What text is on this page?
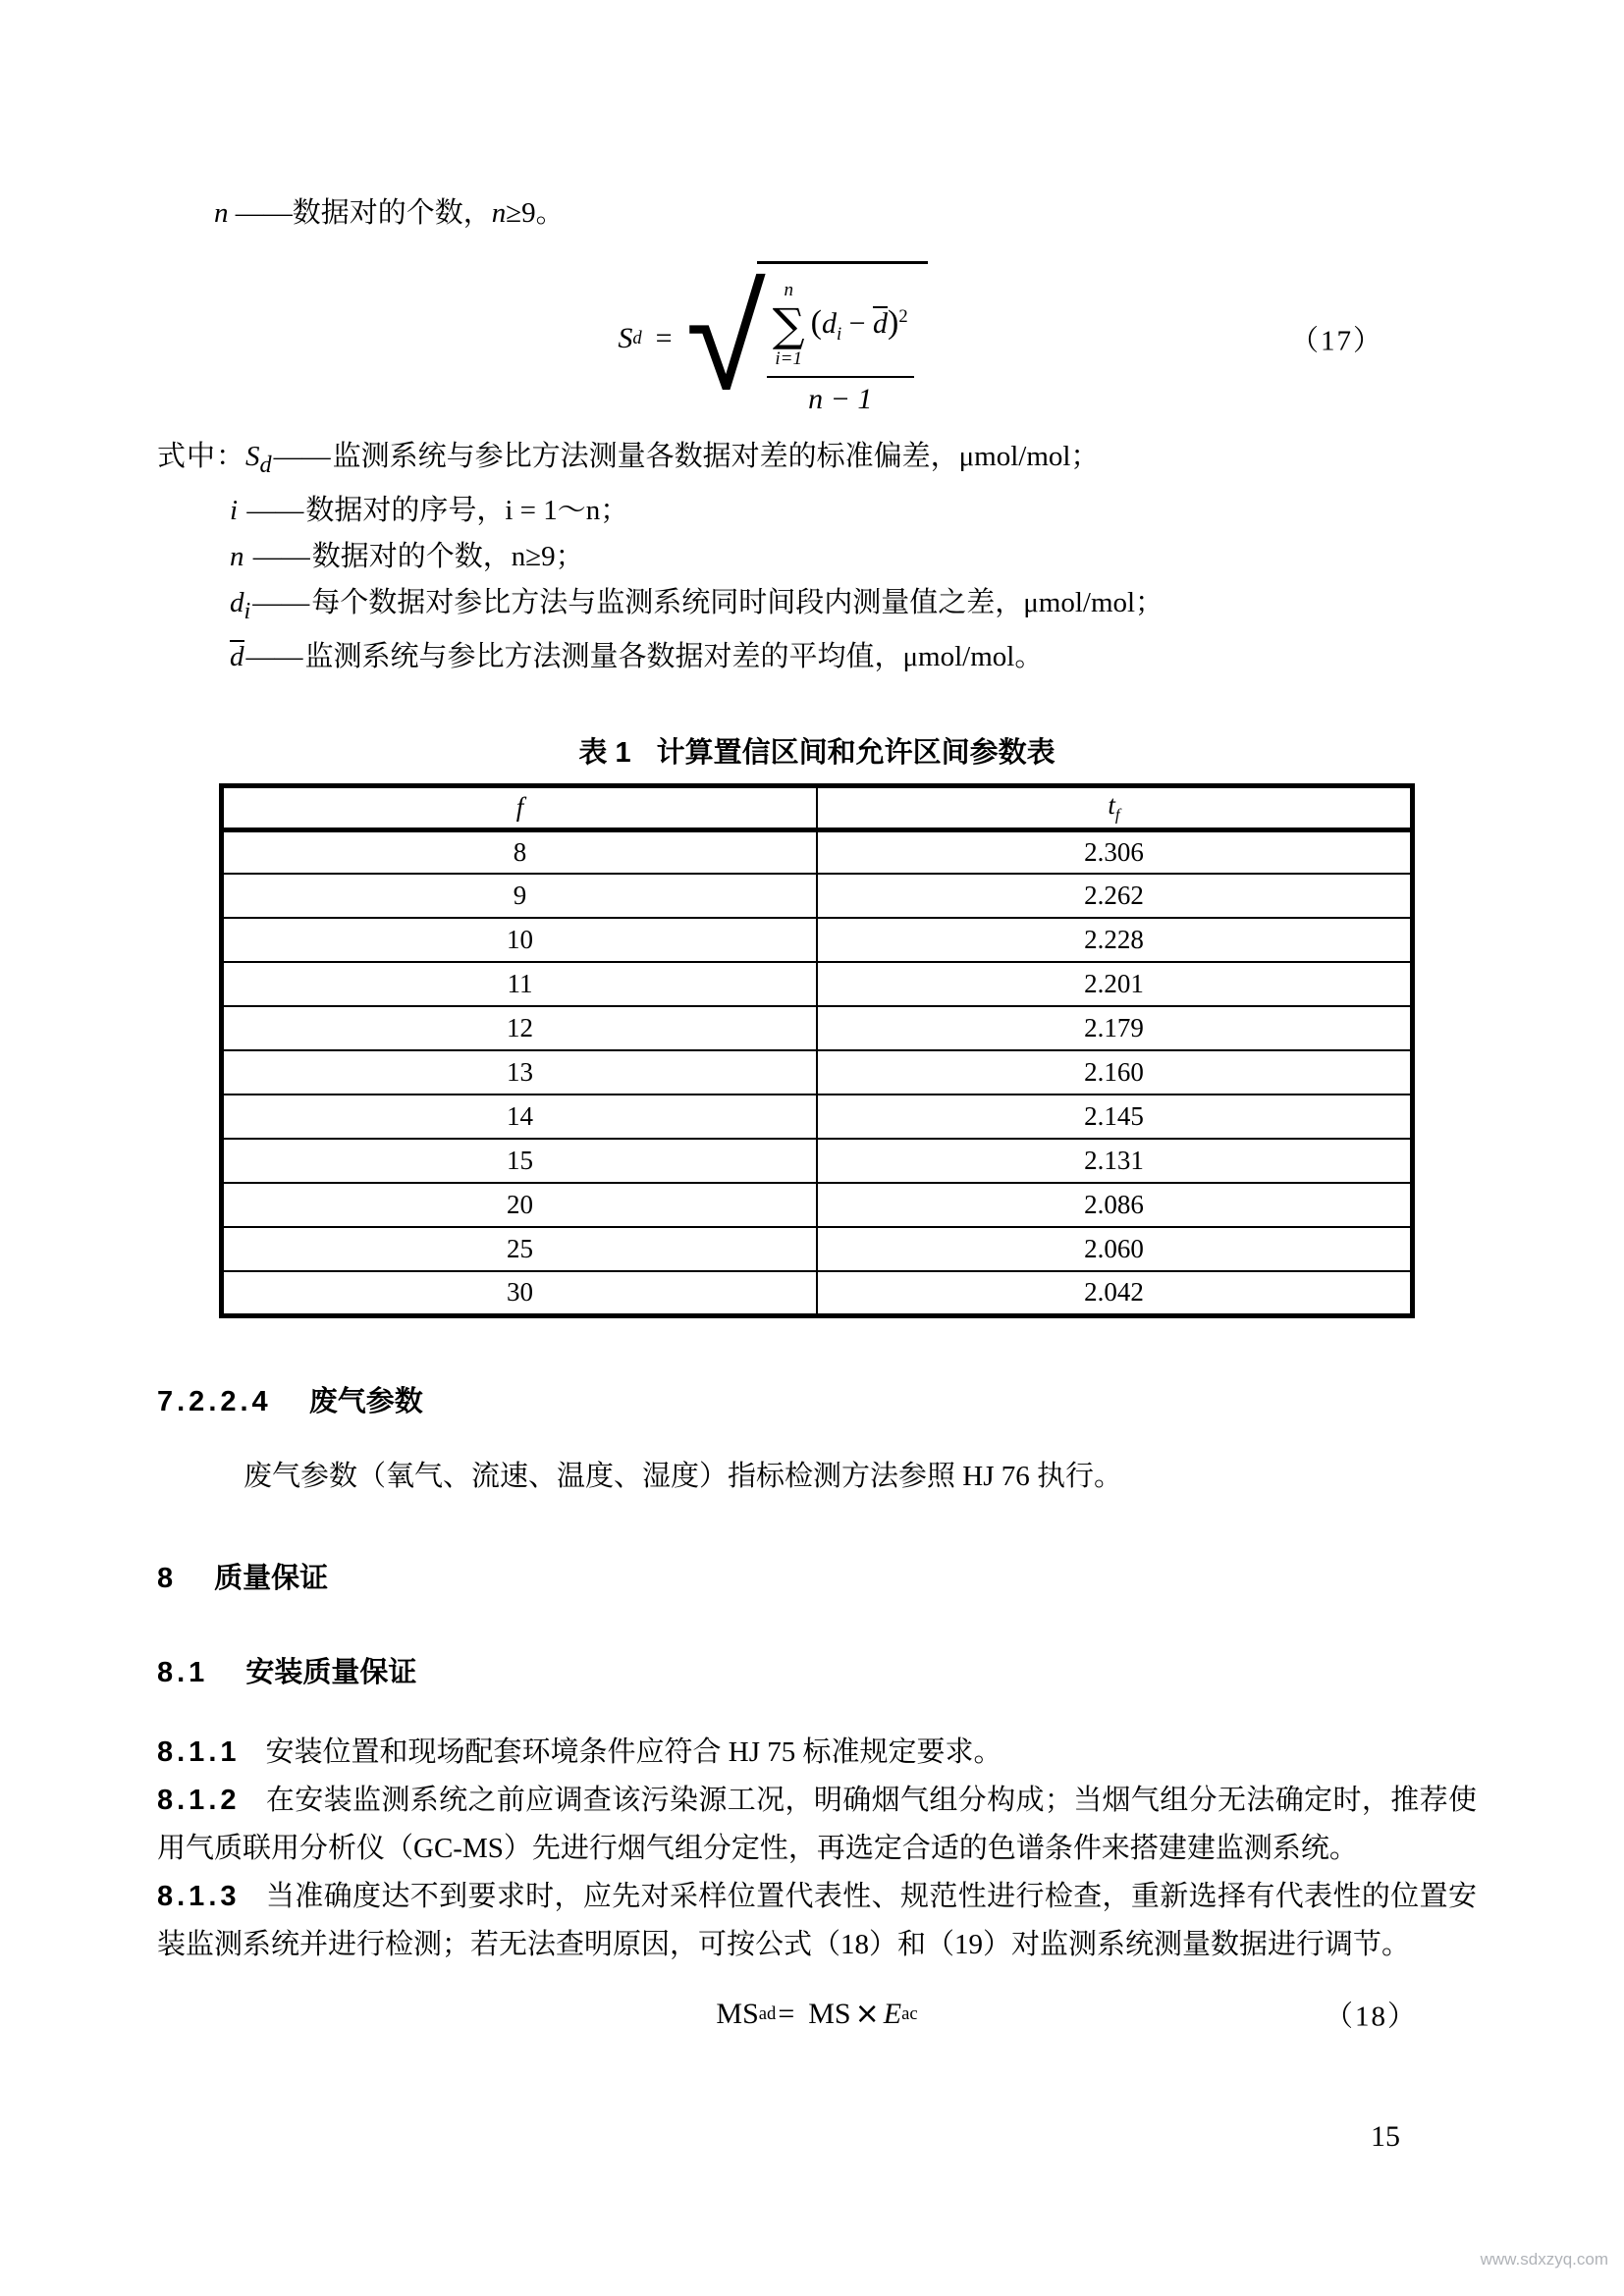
n ——数据对的个数，n≥9。
S d = √ n
∑
i=1
$(d_i - d)^2$
n − 1
（17）
式中：$S_d——$监测系统与参比方法测量各数据对差的标准偏差，μmol/mol；
i ——数据对的序号，i = 1～n；
n ——数据对的个数，n≥9；
$d_i——$每个数据对参比方法与监测系统同时间段内测量值之差，μmol/mol；
d——监测系统与参比方法测量各数据对差的平均值，μmol/mol。
表 1 计算置信区间和允许区间参数表
f	$t_f$
8	2.306
9	2.262
10	2.228
11	2.201
12	2.179
13	2.160
14	2.145
15	2.131
20	2.086
25	2.060
30	2.042
7.2.2.4 废气参数

废气参数（氧气、流速、温度、湿度）指标检测方法参照 HJ 76 执行。

8 质量保证
8.1 安装质量保证

8.1.1 安装位置和现场配套环境条件应符合 HJ 75 标准规定要求。

8.1.2 在安装监测系统之前应调查该污染源工况，明确烟气组分构成；当烟气组分无法确定时，推荐使用气质联用分析仪（GC-MS）先进行烟气组分定性，再选定合适的色谱条件来搭建建监测系统。

8.1.3 当准确度达不到要求时，应先对采样位置代表性、规范性进行检查，重新选择有代表性的位置安装监测系统并进行检测；若无法查明原因，可按公式（18）和（19）对监测系统测量数据进行调节。

MS ad = MS × E ac	（18）
15
www.sdxzyq.com
